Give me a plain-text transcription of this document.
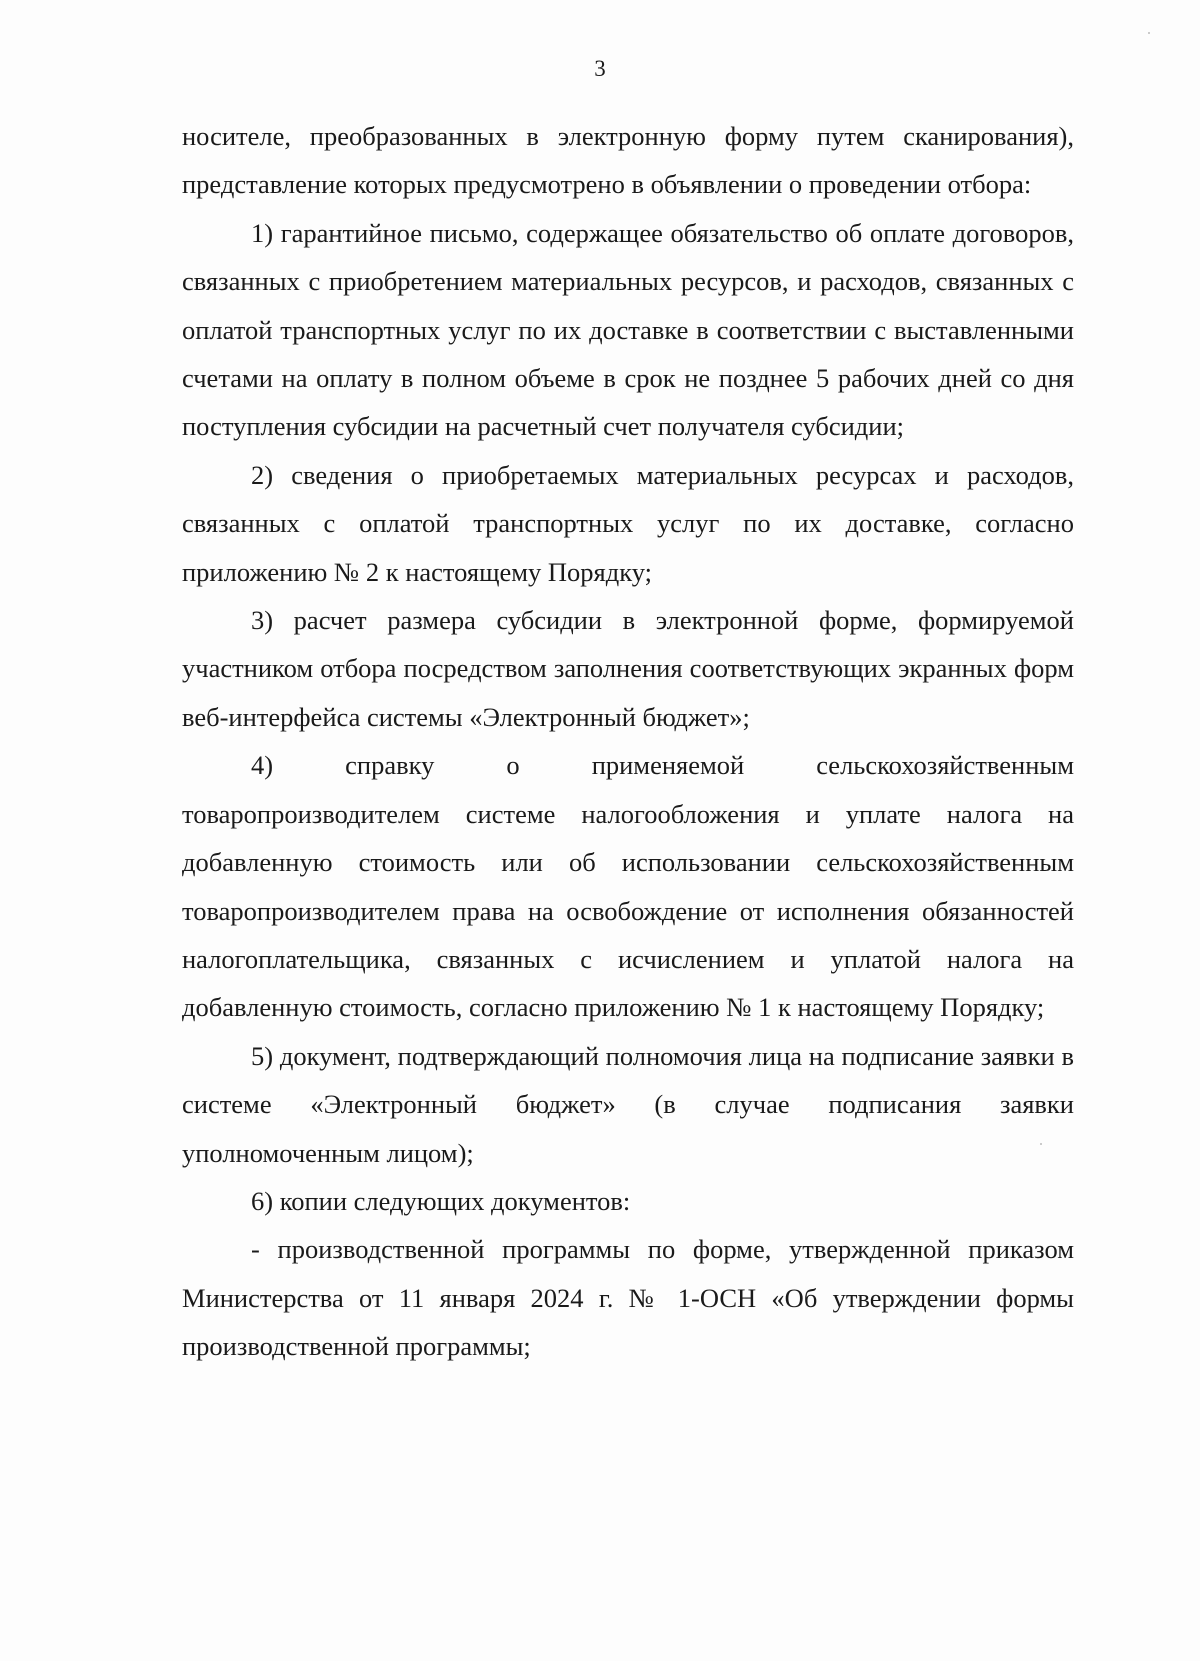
3

носителе, преобразованных в электронную форму путем сканирования), представление которых предусмотрено в объявлении о проведении отбора:

1) гарантийное письмо, содержащее обязательство об оплате договоров, связанных с приобретением материальных ресурсов, и расходов, связанных с оплатой транспортных услуг по их доставке в соответствии с выставленными счетами на оплату в полном объеме в срок не позднее 5 рабочих дней со дня поступления субсидии на расчетный счет получателя субсидии;

2) сведения о приобретаемых материальных ресурсах и расходов, связанных с оплатой транспортных услуг по их доставке, согласно приложению № 2 к настоящему Порядку;

3) расчет размера субсидии в электронной форме, формируемой участником отбора посредством заполнения соответствующих экранных форм веб-интерфейса системы «Электронный бюджет»;

4) справку о применяемой сельскохозяйственным товаропроизводителем системе налогообложения и уплате налога на добавленную стоимость или об использовании сельскохозяйственным товаропроизводителем права на освобождение от исполнения обязанностей налогоплательщика, связанных с исчислением и уплатой налога на добавленную стоимость, согласно приложению № 1 к настоящему Порядку;

5) документ, подтверждающий полномочия лица на подписание заявки в системе «Электронный бюджет» (в случае подписания заявки уполномоченным лицом);

6) копии следующих документов:

- производственной программы по форме, утвержденной приказом Министерства от 11 января 2024 г. № 1-ОСН «Об утверждении формы производственной программы;
